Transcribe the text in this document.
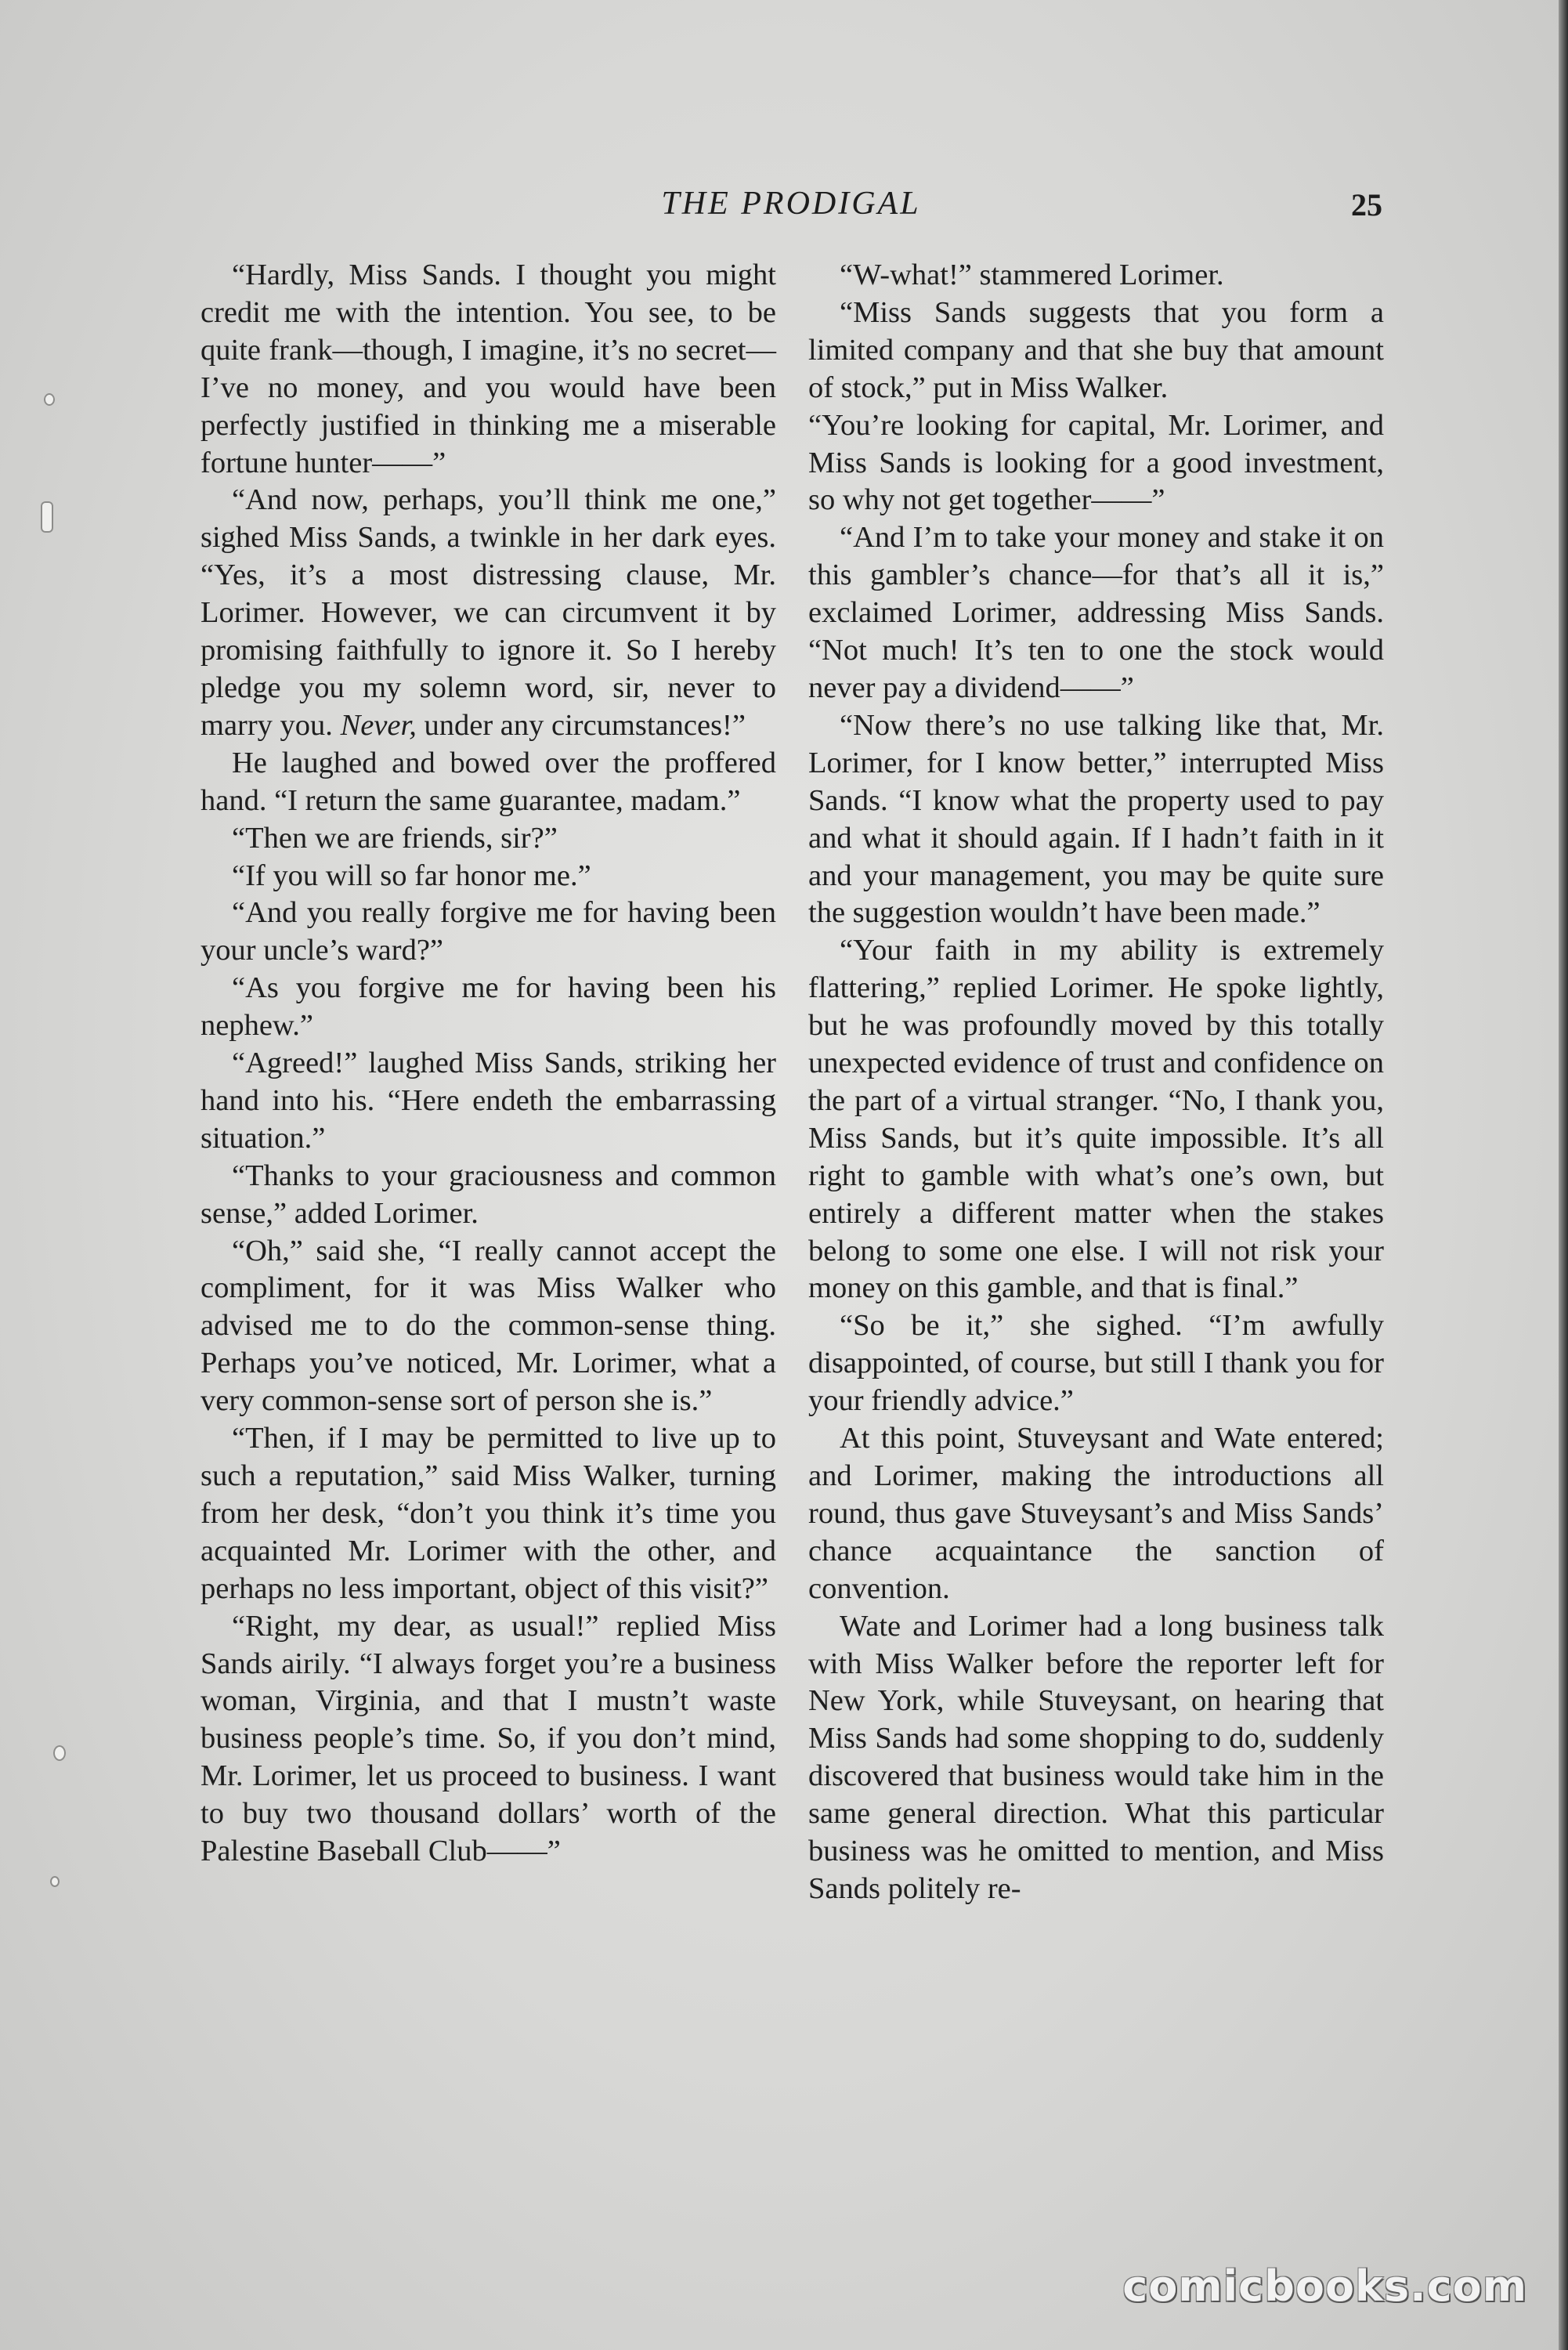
THE PRODIGAL	25

“Hardly, Miss Sands. I thought you might credit me with the intention. You see, to be quite frank—though, I imagine, it’s no secret—I’ve no money, and you would have been perfectly justified in thinking me a miserable fortune hunter——”

“And now, perhaps, you’ll think me one,” sighed Miss Sands, a twinkle in her dark eyes. “Yes, it’s a most distressing clause, Mr. Lorimer. However, we can circumvent it by promising faithfully to ignore it. So I hereby pledge you my solemn word, sir, never to marry you. Never, under any circumstances!”

He laughed and bowed over the proffered hand. “I return the same guarantee, madam.”

“Then we are friends, sir?”

“If you will so far honor me.”

“And you really forgive me for having been your uncle’s ward?”

“As you forgive me for having been his nephew.”

“Agreed!” laughed Miss Sands, striking her hand into his. “Here endeth the embarrassing situation.”

“Thanks to your graciousness and common sense,” added Lorimer.

“Oh,” said she, “I really cannot accept the compliment, for it was Miss Walker who advised me to do the common-sense thing. Perhaps you’ve noticed, Mr. Lorimer, what a very common-sense sort of person she is.”

“Then, if I may be permitted to live up to such a reputation,” said Miss Walker, turning from her desk, “don’t you think it’s time you acquainted Mr. Lorimer with the other, and perhaps no less important, object of this visit?”

“Right, my dear, as usual!” replied Miss Sands airily. “I always forget you’re a business woman, Virginia, and that I mustn’t waste business people’s time. So, if you don’t mind, Mr. Lorimer, let us proceed to business. I want to buy two thousand dollars’ worth of the Palestine Baseball Club——”

“W-what!” stammered Lorimer.

“Miss Sands suggests that you form a limited company and that she buy that amount of stock,” put in Miss Walker.

“You’re looking for capital, Mr. Lorimer, and Miss Sands is looking for a good investment, so why not get together——”

“And I’m to take your money and stake it on this gambler’s chance—for that’s all it is,” exclaimed Lorimer, addressing Miss Sands. “Not much! It’s ten to one the stock would never pay a dividend——”

“Now there’s no use talking like that, Mr. Lorimer, for I know better,” interrupted Miss Sands. “I know what the property used to pay and what it should again. If I hadn’t faith in it and your management, you may be quite sure the suggestion wouldn’t have been made.”

“Your faith in my ability is extremely flattering,” replied Lorimer. He spoke lightly, but he was profoundly moved by this totally unexpected evidence of trust and confidence on the part of a virtual stranger. “No, I thank you, Miss Sands, but it’s quite impossible. It’s all right to gamble with what’s one’s own, but entirely a different matter when the stakes belong to some one else. I will not risk your money on this gamble, and that is final.”

“So be it,” she sighed. “I’m awfully disappointed, of course, but still I thank you for your friendly advice.”

At this point, Stuveysant and Wate entered; and Lorimer, making the introductions all round, thus gave Stuveysant’s and Miss Sands’ chance acquaintance the sanction of convention.

Wate and Lorimer had a long business talk with Miss Walker before the reporter left for New York, while Stuveysant, on hearing that Miss Sands had some shopping to do, suddenly discovered that business would take him in the same general direction. What this particular business was he omitted to mention, and Miss Sands politely re-

comicbooks.com
